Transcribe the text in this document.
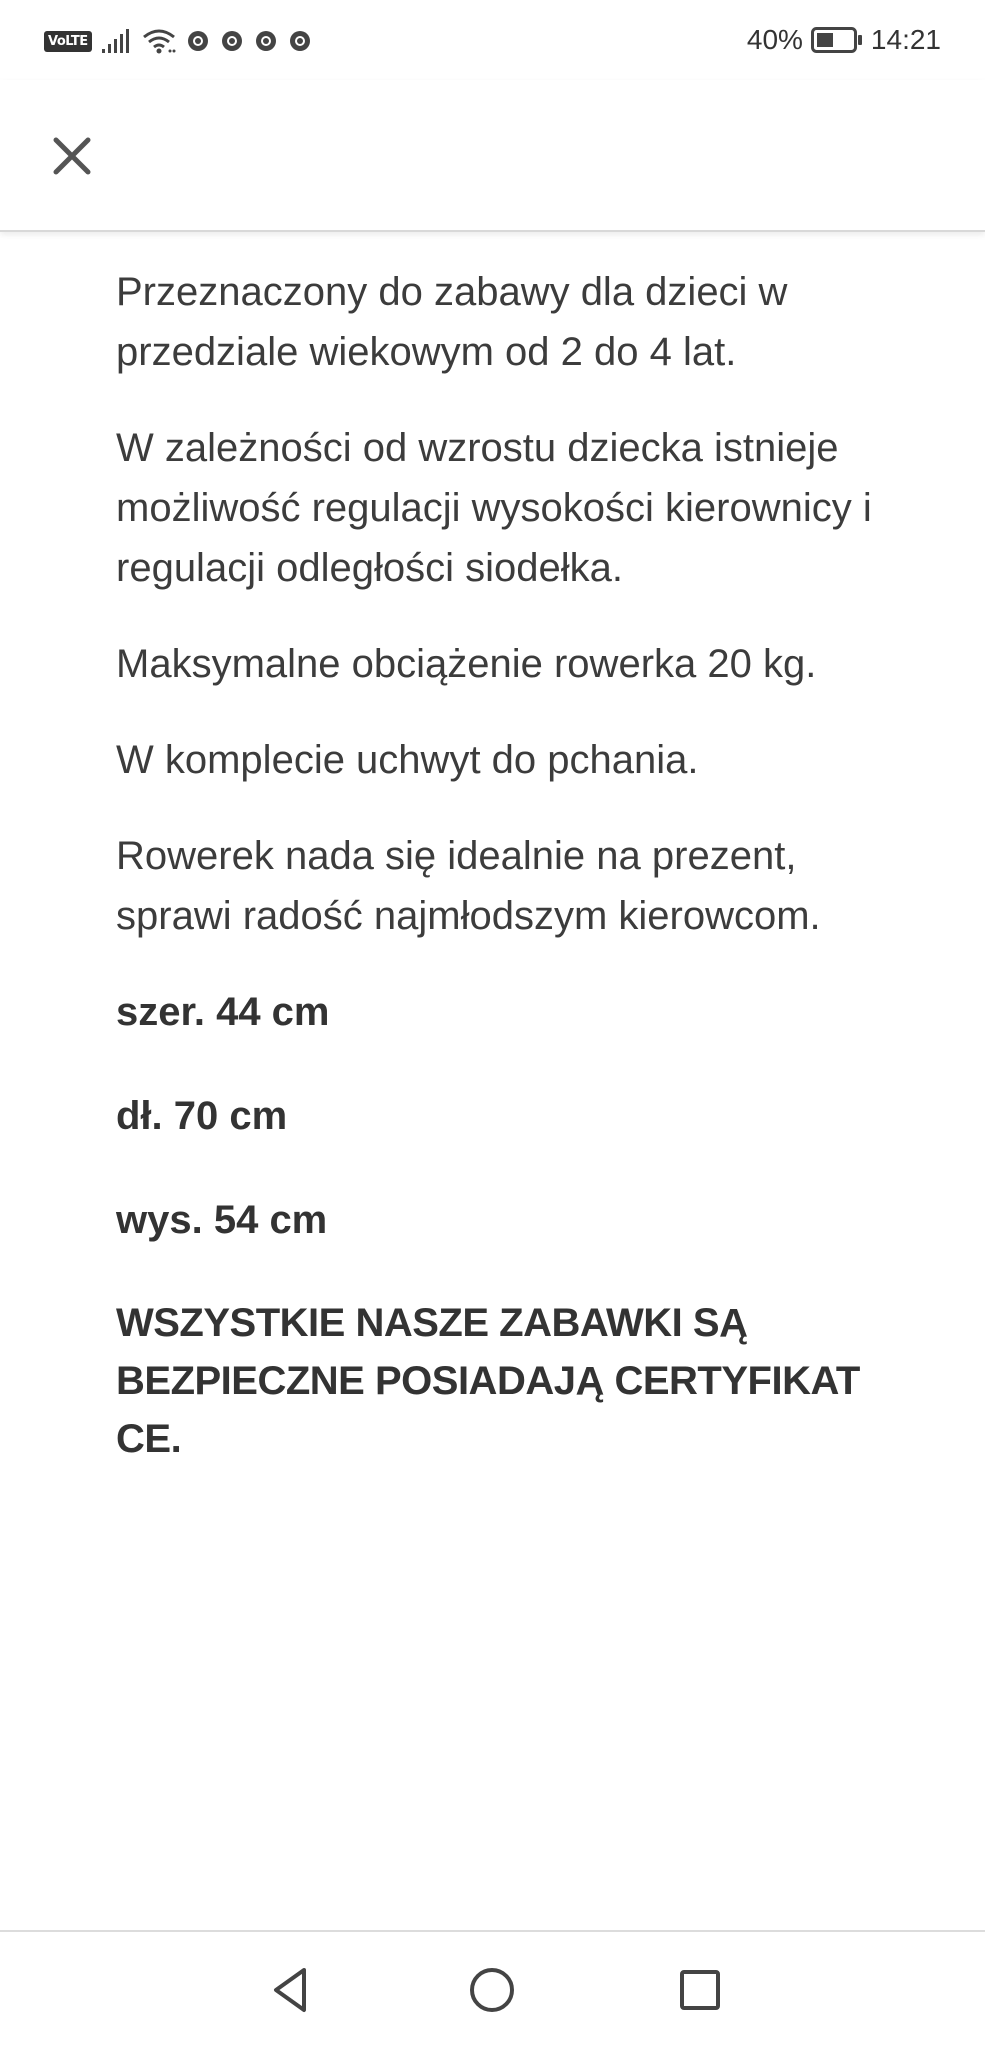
VoLTE	40% 14:21

Przeznaczony do zabawy dla dzieci w przedziale wiekowym od 2 do 4 lat.

W zależności od wzrostu dziecka istnieje możliwość regulacji wysokości kierownicy i regulacji odległości siodełka.

Maksymalne obciążenie rowerka 20 kg.

W komplecie uchwyt do pchania.

Rowerek nada się idealnie na prezent, sprawi radość najmłodszym kierowcom.

szer. 44 cm

dł. 70 cm

wys. 54 cm

WSZYSTKIE NASZE ZABAWKI SĄ BEZPIECZNE POSIADAJĄ CERTYFIKAT CE.
